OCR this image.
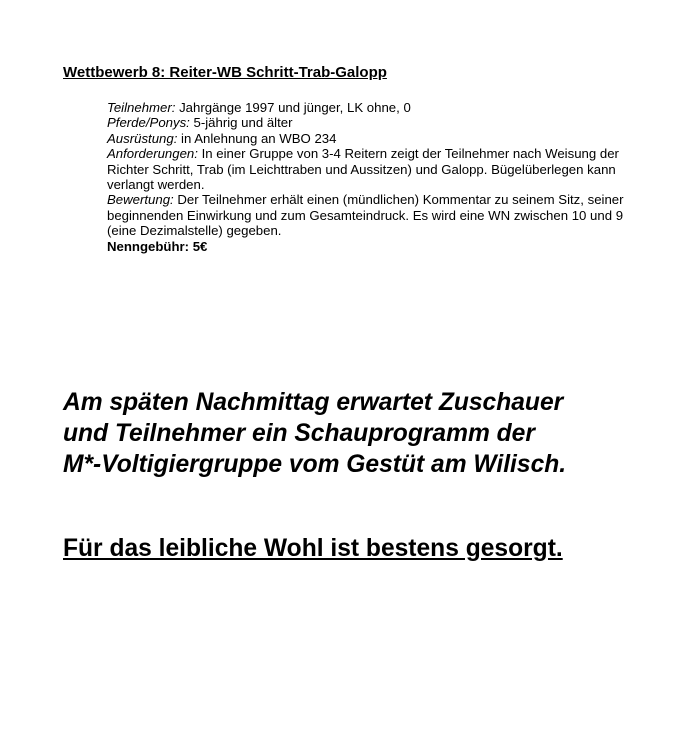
Wettbewerb 8: Reiter-WB Schritt-Trab-Galopp

Teilnehmer: Jahrgänge 1997 und jünger, LK ohne, 0

Pferde/Ponys: 5-jährig und älter

Ausrüstung: in Anlehnung an WBO 234

Anforderungen: In einer Gruppe von 3-4 Reitern zeigt der Teilnehmer nach Weisung der Richter Schritt, Trab (im Leichttraben und Aussitzen) und Galopp. Bügelüberlegen kann verlangt werden.

Bewertung: Der Teilnehmer erhält einen (mündlichen) Kommentar zu seinem Sitz, seiner beginnenden Einwirkung und zum Gesamteindruck. Es wird eine WN zwischen 10 und 9 (eine Dezimalstelle) gegeben.

Nenngebühr: 5€

Am späten Nachmittag erwartet Zuschauer
und Teilnehmer ein Schauprogramm der
M*-Voltigiergruppe vom Gestüt am Wilisch.
Für das leibliche Wohl ist bestens gesorgt.
